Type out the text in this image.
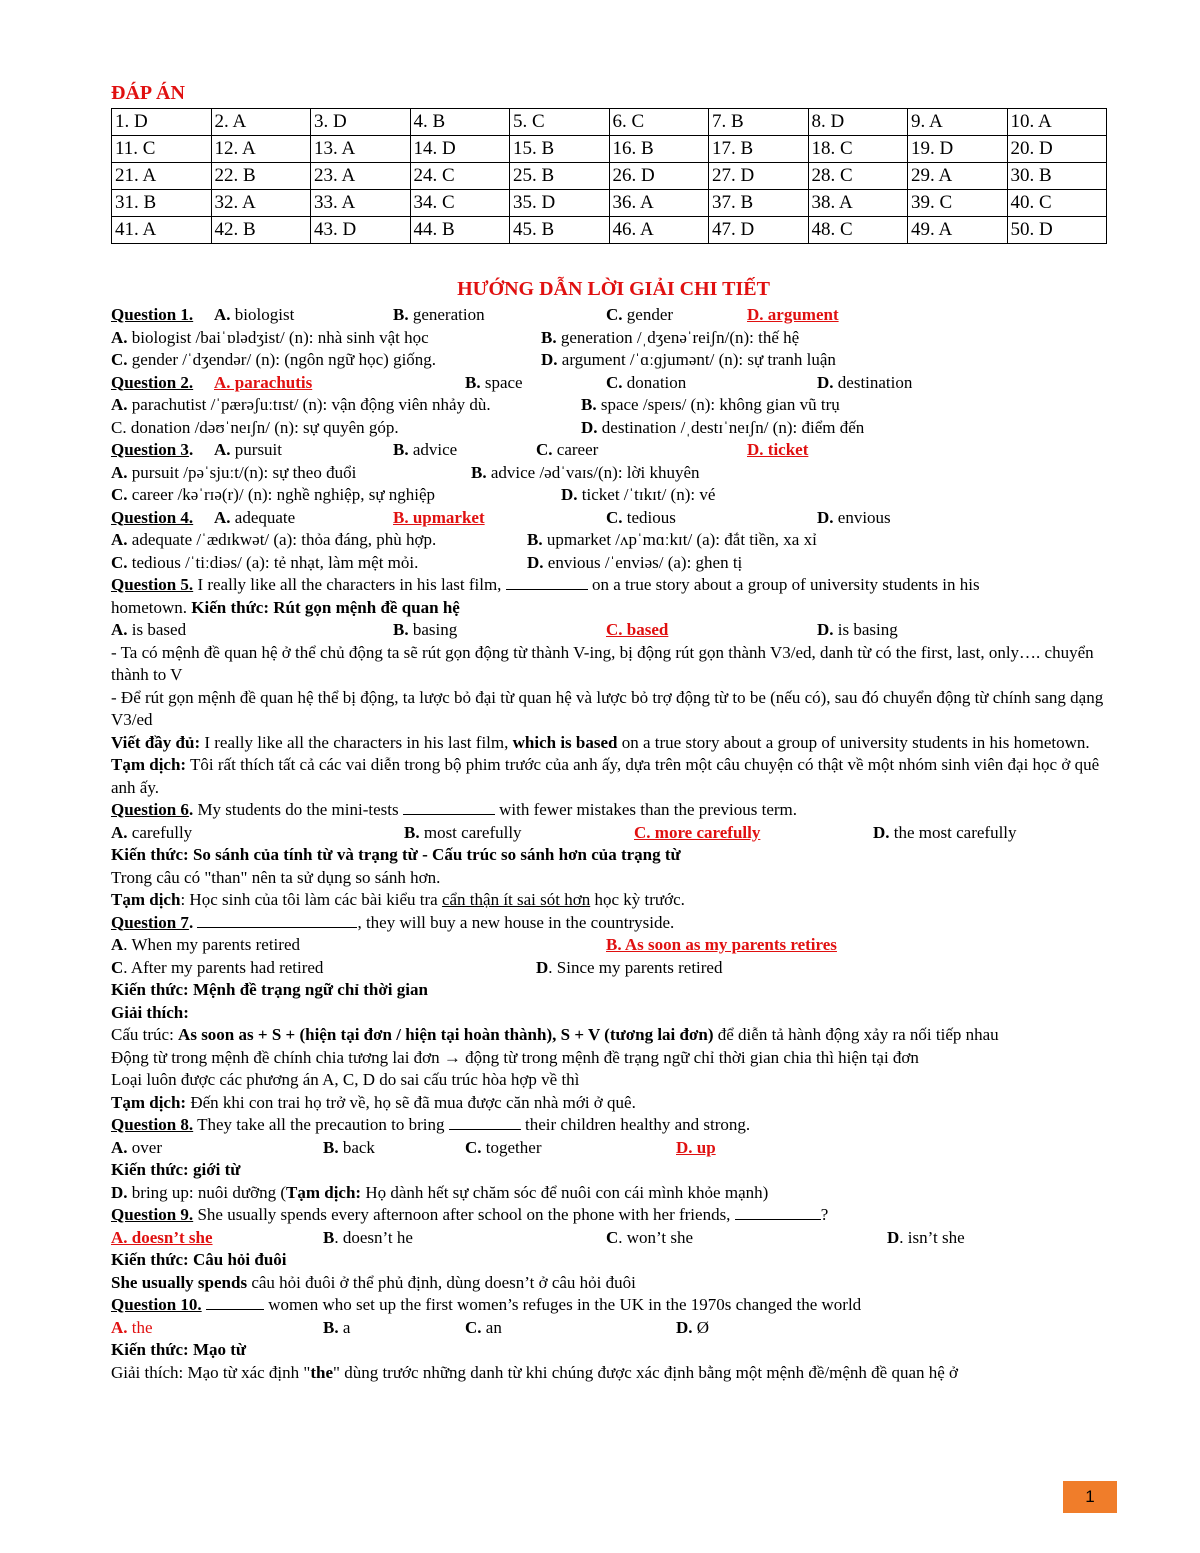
ĐÁP ÁN
1. D	2. A	3. D	4. B	5. C	6. C	7. B	8. D	9. A	10. A
11. C	12. A	13. A	14. D	15. B	16. B	17. B	18. C	19. D	20. D
21. A	22. B	23. A	24. C	25. B	26. D	27. D	28. C	29. A	30. B
31. B	32. A	33. A	34. C	35. D	36. A	37. B	38. A	39. C	40. C
41. A	42. B	43. D	44. B	45. B	46. A	47. D	48. C	49. A	50. D
HƯỚNG DẪN LỜI GIẢI CHI TIẾT
Question 1. A. biologist	B. generation	C. gender	D. argument
A. biologist /baiˈɒlədʒist/ (n): nhà sinh vật học	B. generation /ˌdʒenəˈreiʃn/(n): thế hệ
C. gender /ˈdʒendər/ (n): (ngôn ngữ học) giống.	D. argument /ˈɑːɡjumənt/ (n): sự tranh luận
Question 2. A. parachutis	B. space	C. donation	D. destination
A. parachutist /ˈpærəʃuːtɪst/ (n): vận động viên nhảy dù.	B. space /speɪs/ (n): không gian vũ trụ
C. donation /dəʊˈneɪʃn/ (n): sự quyên góp.	D. destination /ˌdestɪˈneɪʃn/ (n): điểm đến
Question 3. A. pursuit	B. advice	C. career	D. ticket
A. pursuit /pəˈsjuːt/(n): sự theo đuổi	B. advice /ədˈvaɪs/(n): lời khuyên
C. career /kəˈrɪə(r)/ (n): nghề nghiệp, sự nghiệp	D. ticket /ˈtɪkɪt/ (n): vé
Question 4. A. adequate	B. upmarket	C. tedious	D. envious
A. adequate /ˈædɪkwət/ (a): thỏa đáng, phù hợp.	B. upmarket /ʌpˈmɑːkɪt/ (a): đắt tiền, xa xỉ
C. tedious /ˈtiːdiəs/ (a): tẻ nhạt, làm mệt mỏi.	D. envious /ˈenviəs/ (a): ghen tị
Question 5. I really like all the characters in his last film,	on a true story about a group of university students in his
hometown. Kiến thức: Rút gọn mệnh đề quan hệ
A. is based	B. basing	C. based	D. is basing
- Ta có mệnh đề quan hệ ở thể chủ động ta sẽ rút gọn động từ thành V-ing, bị động rút gọn thành V3/ed, danh từ có the first, last, only…. chuyển thành to V
- Để rút gọn mệnh đề quan hệ thể bị động, ta lược bỏ đại từ quan hệ và lược bỏ trợ động từ to be (nếu có), sau đó chuyển động từ chính sang dạng V3/ed
Viết đầy đủ: I really like all the characters in his last film, which is based on a true story about a group of university students in his hometown.
Tạm dịch: Tôi rất thích tất cả các vai diễn trong bộ phim trước của anh ấy, dựa trên một câu chuyện có thật về một nhóm sinh viên đại học ở quê anh ấy.
Question 6. My students do the mini-tests	with fewer mistakes than the previous term.
A. carefully	B. most carefully	C. more carefully	D. the most carefully
Kiến thức: So sánh của tính từ và trạng từ - Cấu trúc so sánh hơn của trạng từ
Trong câu có "than" nên ta sử dụng so sánh hơn.
Tạm dịch: Học sinh của tôi làm các bài kiểu tra cẩn thận ít sai sót hơn học kỳ trước.
Question 7.	, they will buy a new house in the countryside.
A. When my parents retired	B. As soon as my parents retires
C. After my parents had retired	D. Since my parents retired
Kiến thức: Mệnh đề trạng ngữ chỉ thời gian
Giải thích:
Cấu trúc: As soon as + S + (hiện tại đơn / hiện tại hoàn thành), S + V (tương lai đơn) để diễn tả hành động xảy ra nối tiếp nhau
Động từ trong mệnh đề chính chia tương lai đơn → động từ trong mệnh đề trạng ngữ chỉ thời gian chia thì hiện tại đơn
Loại luôn được các phương án A, C, D do sai cấu trúc hòa hợp về thì
Tạm dịch: Đến khi con trai họ trở về, họ sẽ đã mua được căn nhà mới ở quê.
Question 8. They take all the precaution to bring	their children healthy and strong.
A. over	B. back	C. together	D. up
Kiến thức: giới từ
D. bring up: nuôi dưỡng (Tạm dịch: Họ dành hết sự chăm sóc để nuôi con cái mình khỏe mạnh)
Question 9. She usually spends every afternoon after school on the phone with her friends,	?
A. doesn’t she	B. doesn’t he	C. won’t she	D. isn’t she
Kiến thức: Câu hỏi đuôi
She usually spends câu hỏi đuôi ở thể phủ định, dùng doesn’t ở câu hỏi đuôi
Question 10.	women who set up the first women’s refuges in the UK in the 1970s changed the world
A. the	B. a	C. an	D. Ø
Kiến thức: Mạo từ
Giải thích: Mạo từ xác định "the" dùng trước những danh từ khi chúng được xác định bằng một mệnh đề/mệnh đề quan hệ ở
1
